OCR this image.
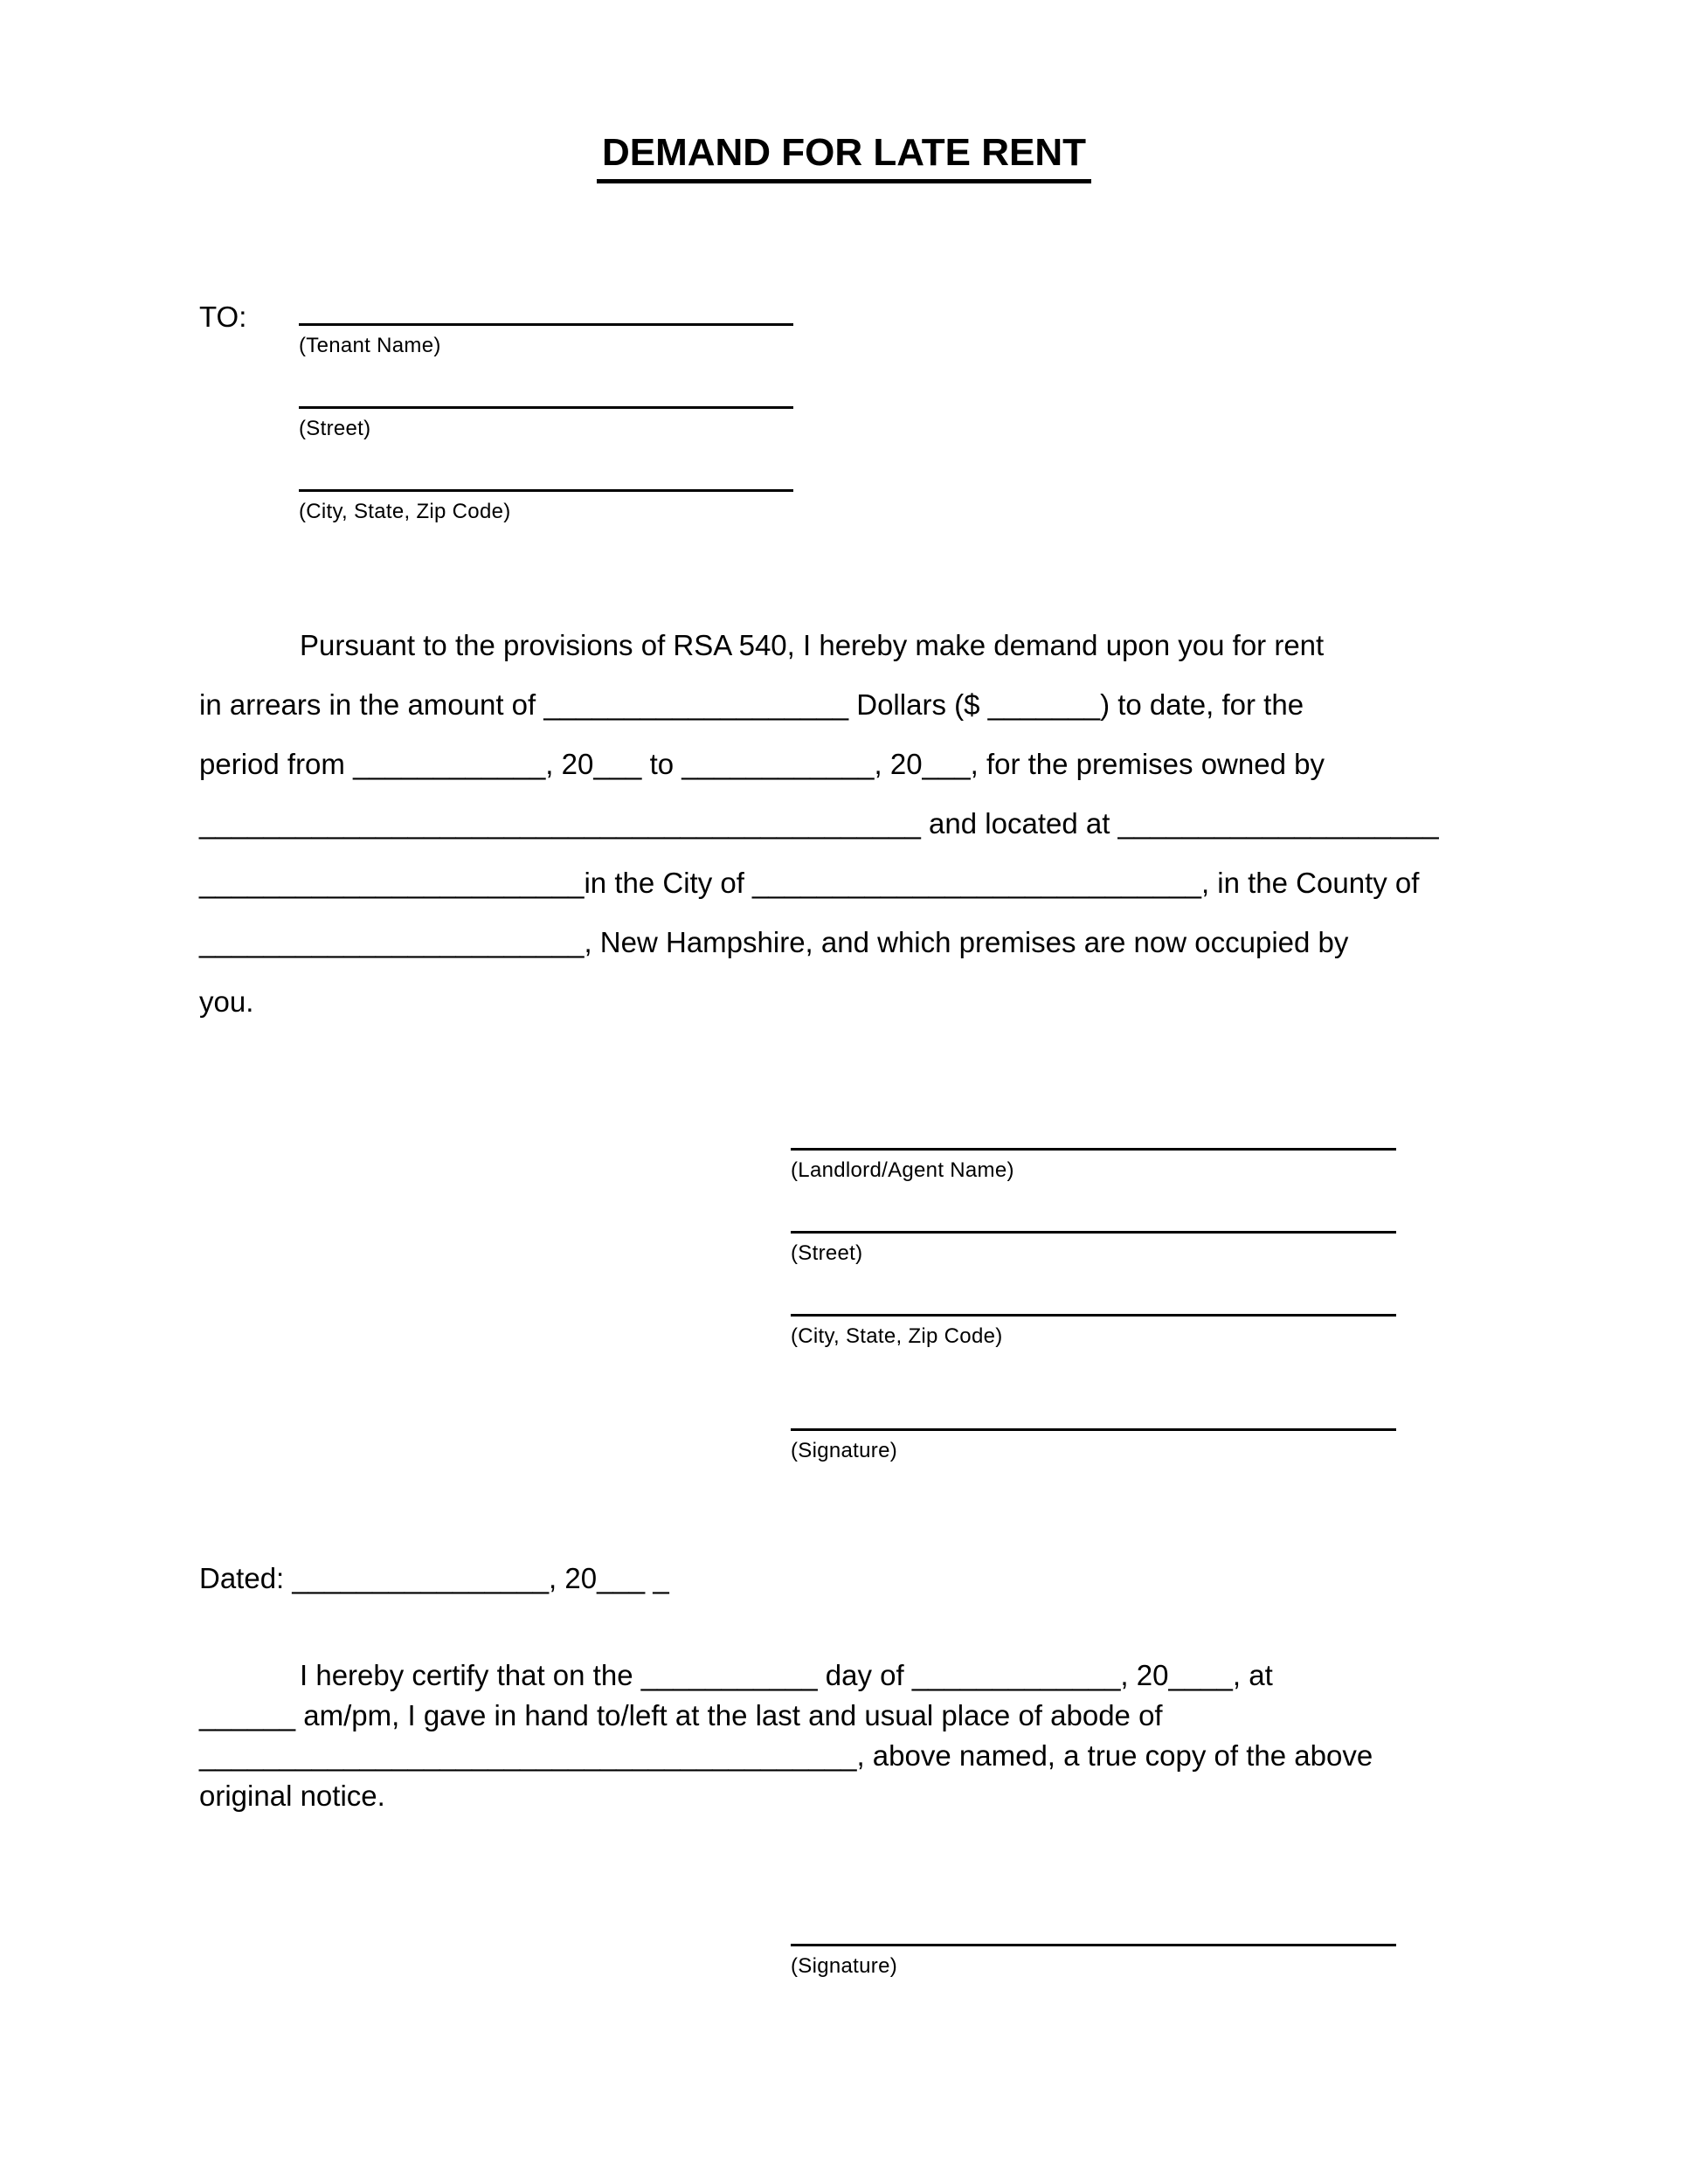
DEMAND FOR LATE RENT
TO:
(Tenant Name)
(Street)
(City, State, Zip Code)
Pursuant to the provisions of RSA 540, I hereby make demand upon you for rent
in arrears in the amount of ___________________ Dollars ($ _______) to date, for the
period from ____________, 20___ to ____________, 20___, for the premises owned by
_____________________________________________ and located at ____________________
________________________in the City of ____________________________, in the County of
________________________, New Hampshire, and which premises are now occupied by
you.
(Landlord/Agent Name)
(Street)
(City, State, Zip Code)
(Signature)
Dated: ________________, 20___ _
I hereby certify that on the ___________ day of _____________, 20____, at
______ am/pm, I gave in hand to/left at the last and usual place of abode of
_________________________________________, above named, a true copy of the above
original notice.
(Signature)
